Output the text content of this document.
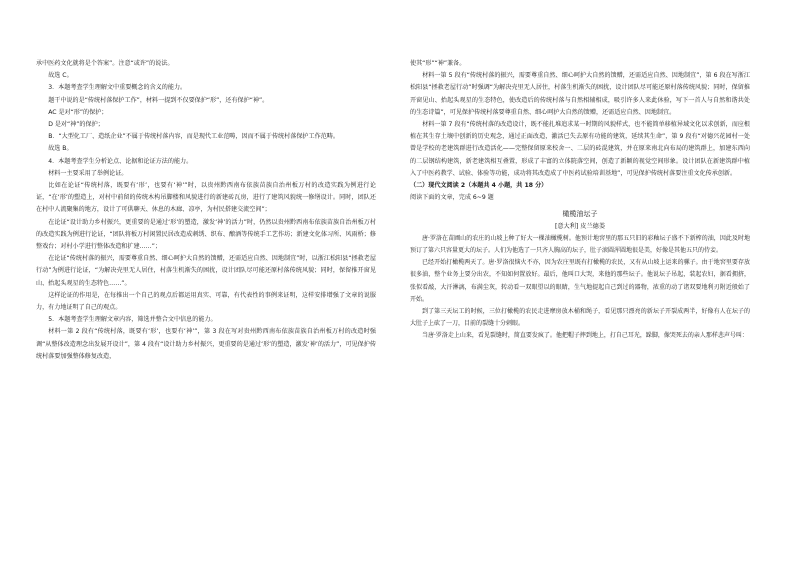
承中医药文化就将是个答案”。注意“或许”的说法。

故选 C。

3．本题考查学生理解文中重要概念的含义的能力。

题干中说的是“传统村落保护工作”，材料一提到不仅要保护“形”，还有保护“神”。

AC 是对“形”的保护；

D 是对“神”的保护；

B．“大型化工厂、造纸企业”不属于传统村落内容，而是现代工业范畴，因而不属于传统村落保护工作范畴。

故选 B。

4．本题考查学生分析论点、论据和论证方法的能力。

材料一主要采用了举例论证。

比如在论证“传统村落，既要有‘形’，也要有‘神’”时，以贵州黔西南布依族苗族自治州板万村的改造实践为例进行论证，“在‘形’的塑造上，对村中前留的传统木构吊脚楼和风貌进行的新建砖瓦房，进行了建筑风貌统一修缮设计。同时，团队还在村中人流聚集的地方，设计了可供聊天、休息的木廊、凉亭，为村民搭建交流空间”；

在论证“设计助力乡村振兴，更重要的是通过‘形’的塑造，激发‘神’的活力”时，仍然以贵州黔西南布依族苗族自治州板万村的改造实践为例进行论证，“团队将板万村闲置民居改造成刺绣、织布、酿酒等传统手工艺作坊；新建文化体习所、风雨桥；修整戏台；对村小学进行整体改造和扩建……”；

在论证“传统村落的振兴，需要尊重自然、细心呵护大自然的馈赠，还需适应自然、因地制宜”时，以浙江松阳县“拯救老屋行动”为例进行论证，“为解决壳里无人居住，村落生机渐失的困扰，设计团队尽可能还原村落传统风貌；同时，保留推开窗见山、抬起头观星的生态特色……”。

这样论证的作用是，在每推出一个自己的观点后都运用真实、可靠，有代表性的事例来证明，这样安排增强了文章的说服力，有力地证明了自己的观点。

5．本题考查学生理解文章内容，筛选并整合文中信息的能力。

材料一第 2 段有“传统村落，既要有‘形’，也要有‘神’”，第 3 段在写对贵州黔西南布依族苗族自治州板万村的改造时强调“从整体改造理念出发展开设计”，第 4 段有“设计助力乡村振兴，更重要的是通过‘形’的塑造，激发‘神’的活力”，可见保护传统村落要加强整体修复改造，

使其“形”“神”兼备。

材料一第 5 段有“传统村落的振兴，需要尊重自然、细心呵护大自然的馈赠，还需适应自然、因地制宜”，第 6 段在写浙江松阳县“拯救老屋行动”时强调“为解决壳里无人居住，村落生机渐失的困扰，设计团队尽可能还原村落传统风貌；同时，保留推开窗见山、抬起头观星的生态特色，使改造后的传统村落与自然相辅相成，吸引许多人来此休验，写下一首人与自然和谐共处的生态诗篇”，可见保护传统村落要尊重自然、细心呵护大自然的馈赠，还需适应自然、因地制宜。

材料一第 7 段有“传统村落的改造设计，既不能扎堆追求某一时期的风貌样式，也不能简单移植异域文化以求创新，而应根植在其生存土壤中创新的历史观念，通过正面改造，激活已失去原有功能的建筑，延续其生命”，第 9 段有“对德兴花园村一处曾是学校的老建筑群进行改造活化——完整保留原来校舍一、二层的砖混建筑，并在原来南北向布局的建筑群上，加建东西向的二层钢结构建筑，新老建筑相互叠置，形成了丰富的立体院落空间，创造了新颖的视觉空间形象。设计团队在新建筑群中植入了中医药教学、试验、体验等功能，成功将其改造成了中医药试验培训基地”，可见保护传统村落要注重文化传承创新。

（二）现代文阅读 2（本题共 4 小题，共 18 分）

阅读下面的文章，完成 6~9 题

橄榄油坛子

[意大利] 皮兰德娄

唐·罗洛在苗圃山的农庄的山坡上种了好大一棵油橄榄树。他预计地窖里的那五只旧的彩釉坛子盛不下新榨的油，因此及时地预订了第六只容量更大的坛子。人们为他选了一只齐人胸高的坛子，肚子滚圆浑圆地很是美，好像是其他五只的侍妾。

已经开始打橄榄两天了。唐·罗洛很恼火不亦，因为农庄里既有打橄榄的农民，又有从山坡上运来的骡子。由于地窖里要存放很多油，整个业务上要分出农，不知如何置放好。最后，他叫口大哭，来他的那些坛子。他说坛子吊起，装起农妇，据看拥挤，张似看敲，大汗淋漓，布满尘灰，转动看一双眼望以的眼睛，生气地提起自己到过的器物，浓重的动了诸双要地利刃附近般始了开始。

到了第三天坛工的时候，三位打橄榄的农民走进摩房放木桶和绳子，看见那只漂亮的新坛子开裂成两半，好像有人在坛子的大肚子上砍了一刀，目前的裂缝十分刺眼。

当唐·罗洛走上山来，看见裂缝时，简直要发疯了。他把帽子摔到地上，打自己耳光，跺脚，像哭死去的亲人那样悲声号叫：
